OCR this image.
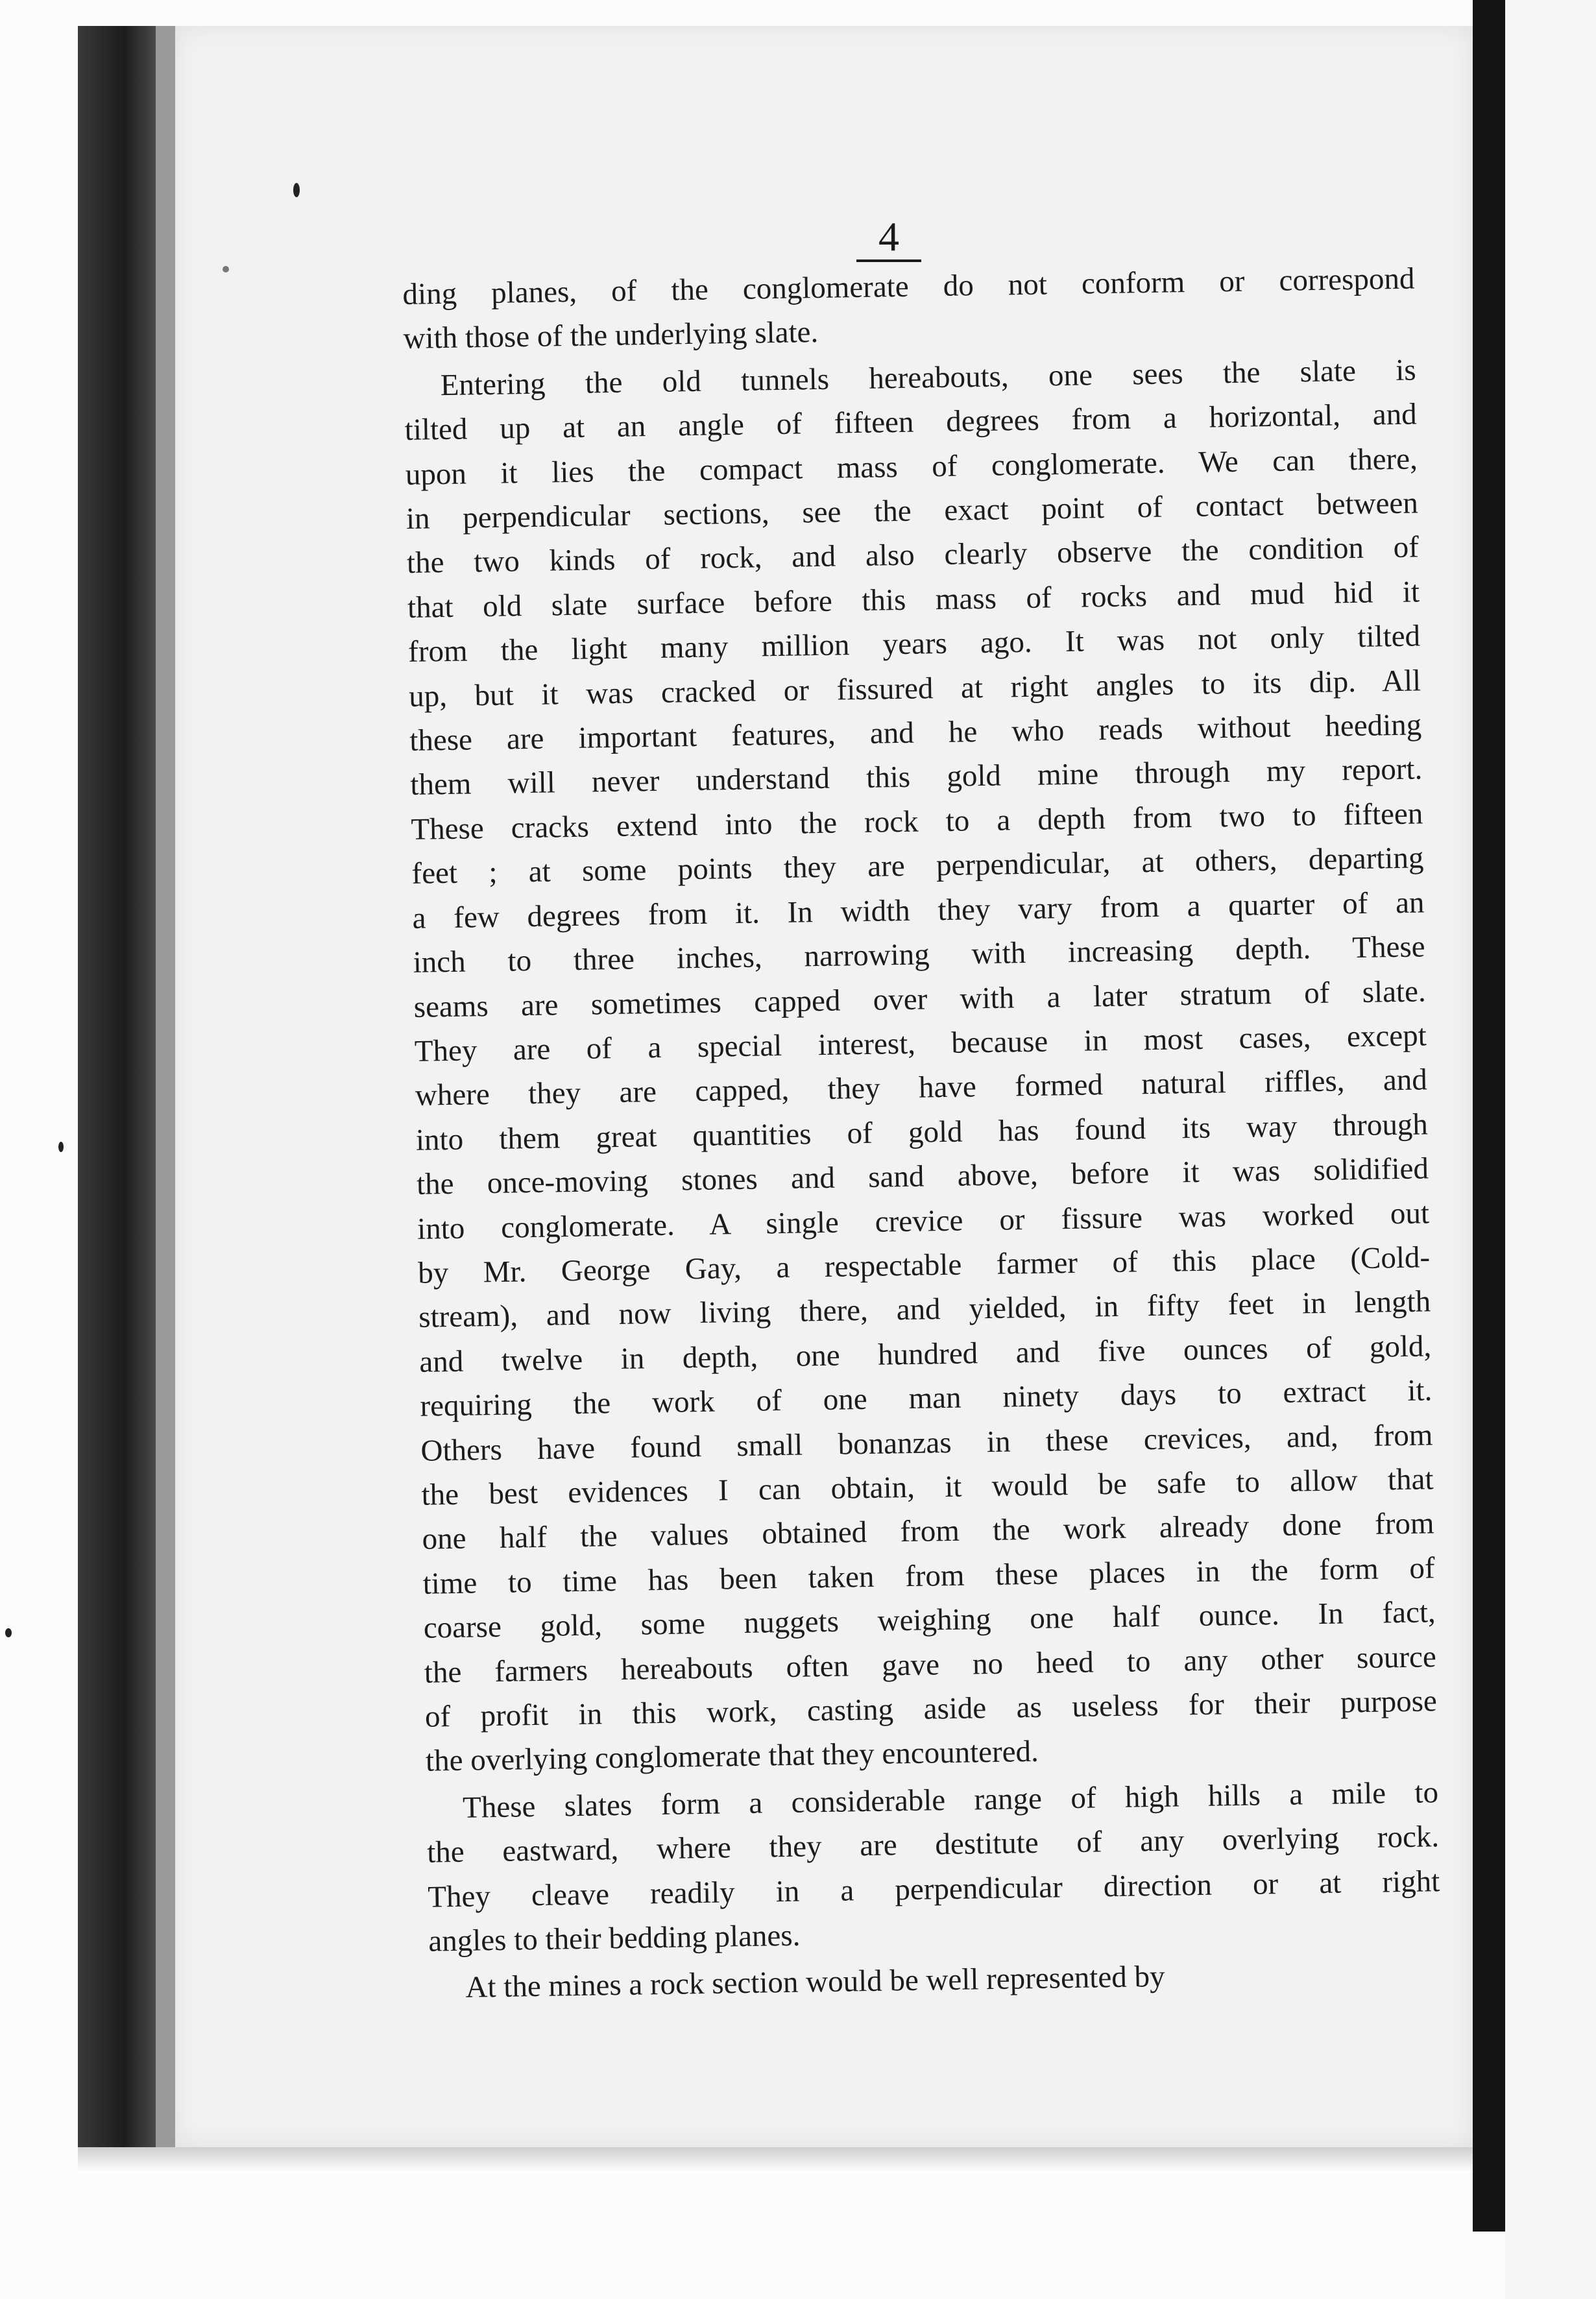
4
ding planes, of the conglomerate do not conform or correspond
with those of the underlying slate.
Entering the old tunnels hereabouts, one sees the slate is
tilted up at an angle of fifteen degrees from a horizontal, and
upon it lies the compact mass of conglomerate. We can there,
in perpendicular sections, see the exact point of contact between
the two kinds of rock, and also clearly observe the condition of
that old slate surface before this mass of rocks and mud hid it
from the light many million years ago. It was not only tilted
up, but it was cracked or fissured at right angles to its dip. All
these are important features, and he who reads without heeding
them will never understand this gold mine through my report.
These cracks extend into the rock to a depth from two to fifteen
feet ; at some points they are perpendicular, at others, departing
a few degrees from it. In width they vary from a quarter of an
inch to three inches, narrowing with increasing depth. These
seams are sometimes capped over with a later stratum of slate.
They are of a special interest, because in most cases, except
where they are capped, they have formed natural riffles, and
into them great quantities of gold has found its way through
the once-moving stones and sand above, before it was solidified
into conglomerate. A single crevice or fissure was worked out
by Mr. George Gay, a respectable farmer of this place (Cold-
stream), and now living there, and yielded, in fifty feet in length
and twelve in depth, one hundred and five ounces of gold,
requiring the work of one man ninety days to extract it.
Others have found small bonanzas in these crevices, and, from
the best evidences I can obtain, it would be safe to allow that
one half the values obtained from the work already done from
time to time has been taken from these places in the form of
coarse gold, some nuggets weighing one half ounce. In fact,
the farmers hereabouts often gave no heed to any other source
of profit in this work, casting aside as useless for their purpose
the overlying conglomerate that they encountered.
These slates form a considerable range of high hills a mile to
the eastward, where they are destitute of any overlying rock.
They cleave readily in a perpendicular direction or at right
angles to their bedding planes.
At the mines a rock section would be well represented by
